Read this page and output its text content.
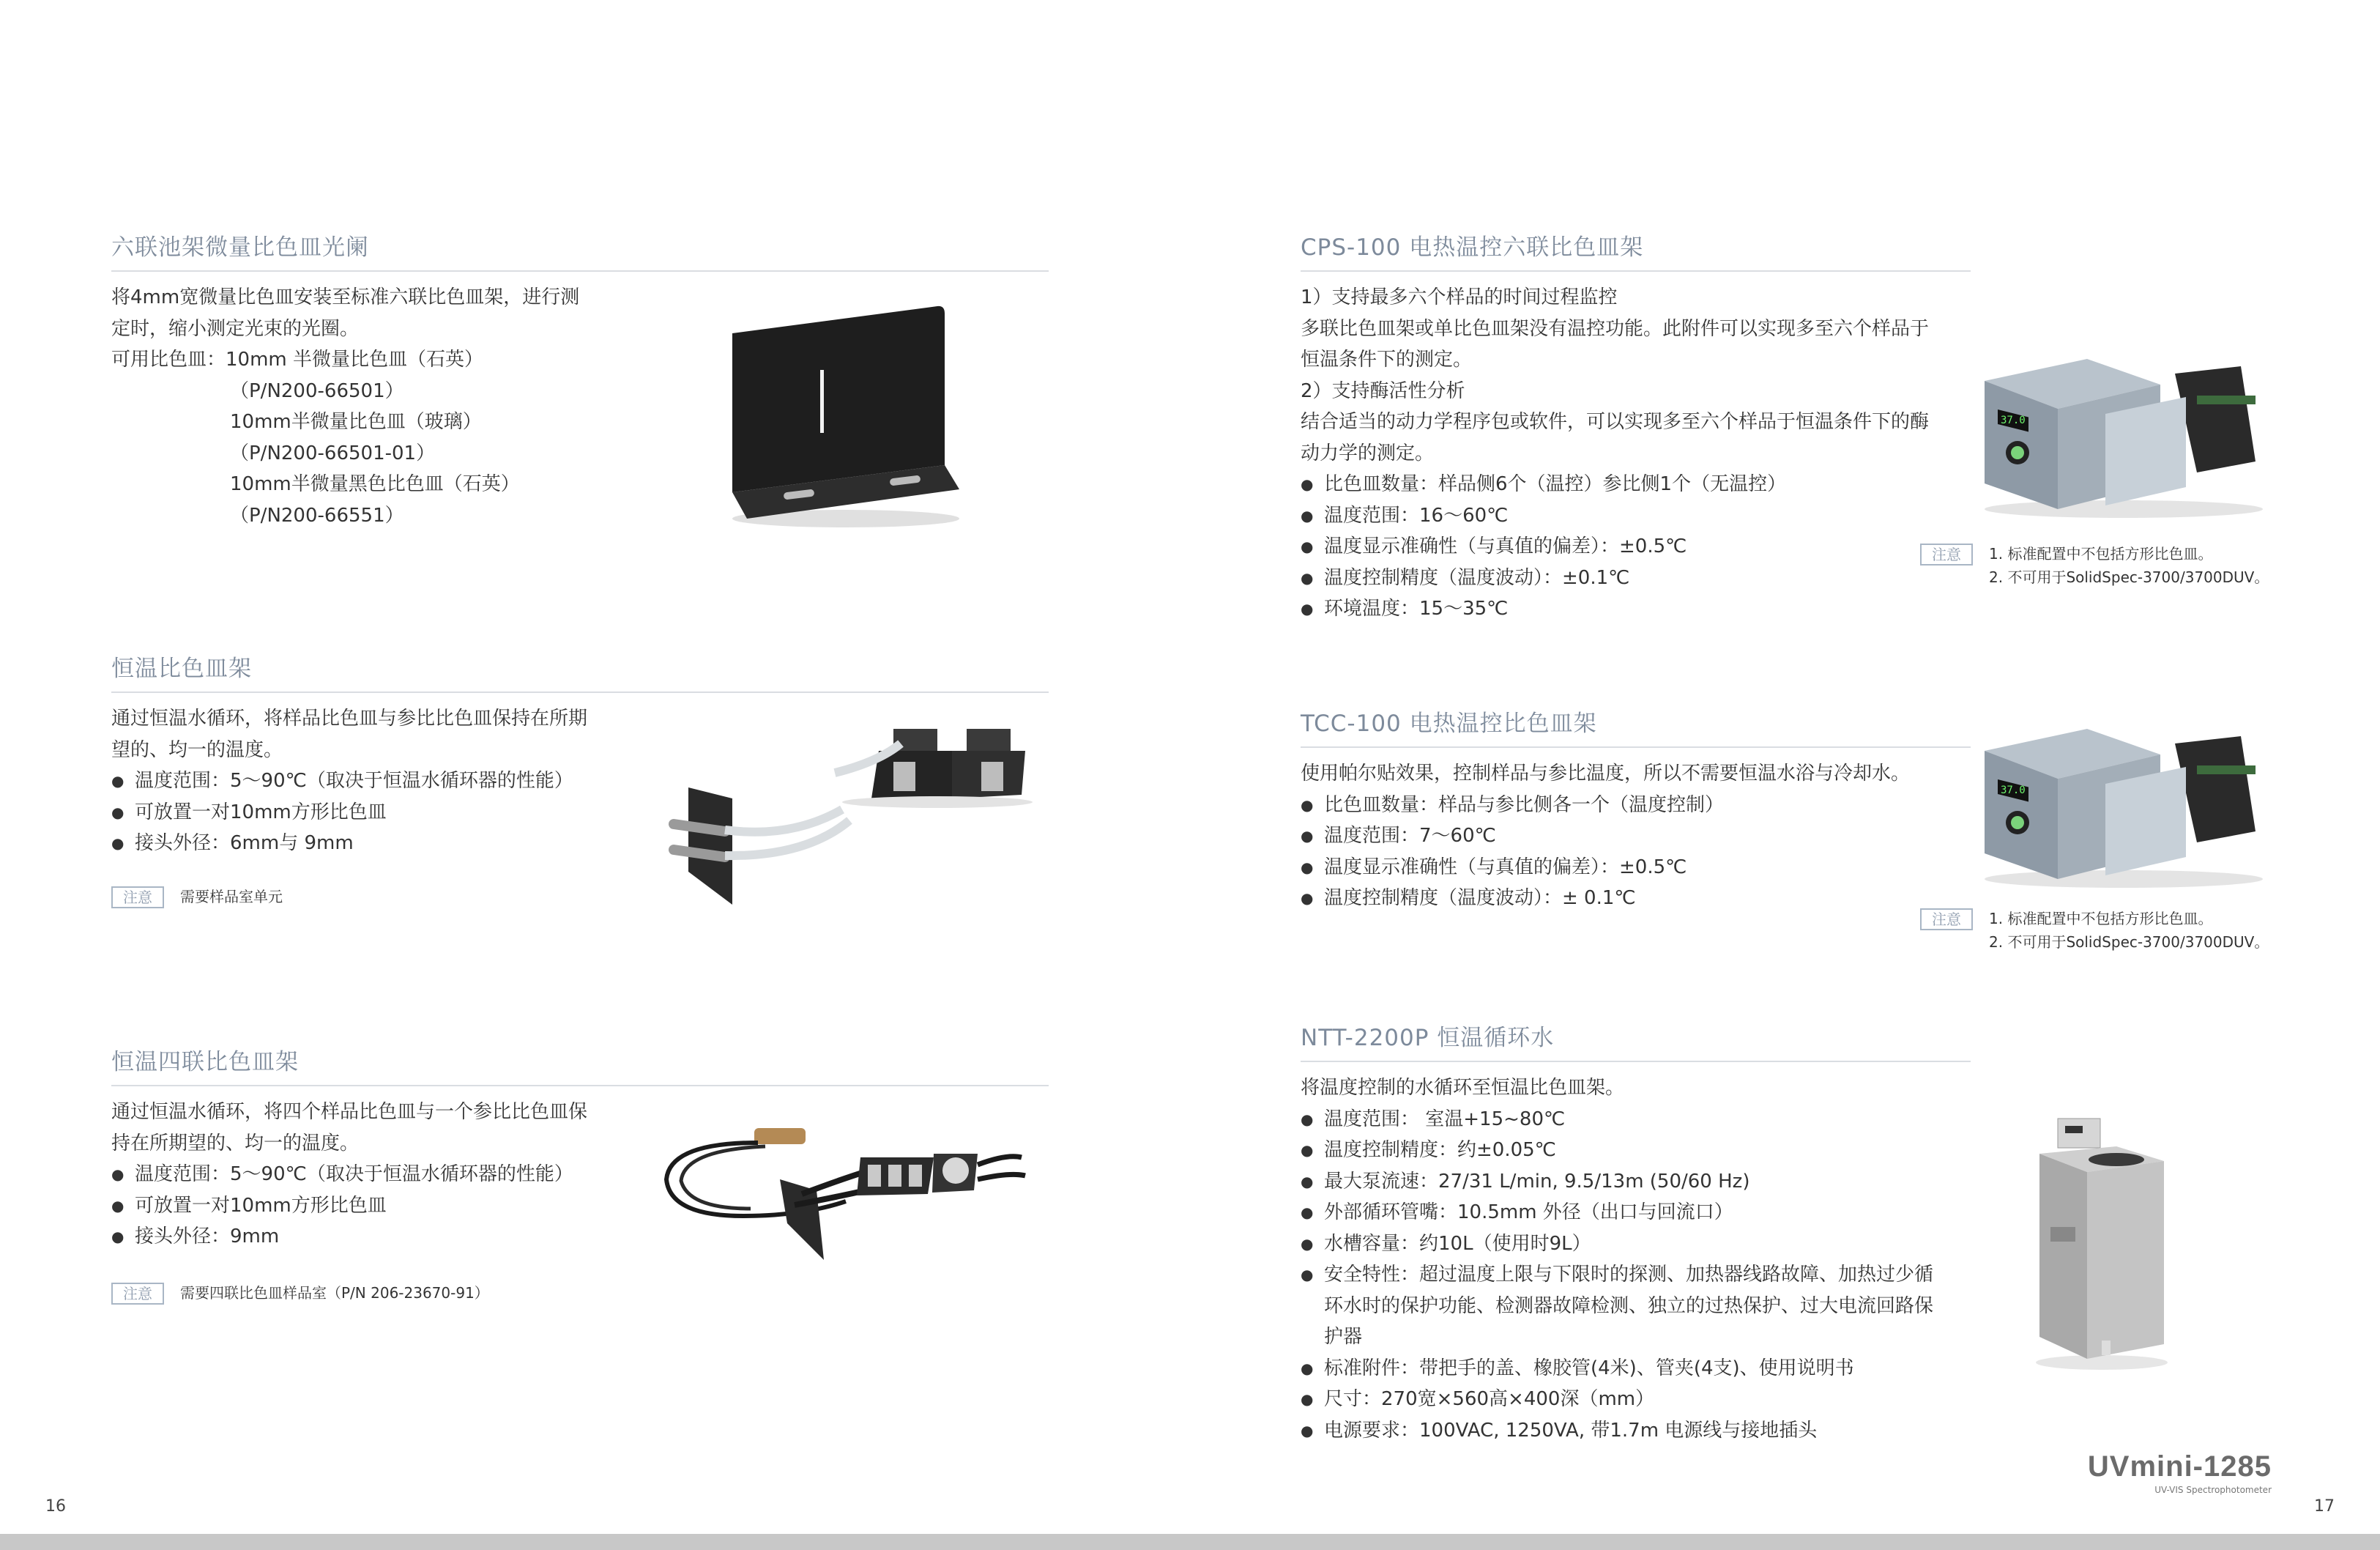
六联池架微量比色皿光阑

将4mm宽微量比色皿安装至标准六联比色皿架，进行测定时，缩小测定光束的光圈。

可用比色皿：10mm 半微量比色皿（石英）

（P/N200-66501）
10mm半微量比色皿（玻璃）
（P/N200-66501-01）
10mm半微量黑色比色皿（石英）
（P/N200-66551）
恒温比色皿架

通过恒温水循环，将样品比色皿与参比比色皿保持在所期望的、均一的温度。

● 温度范围：5～90℃（取决于恒温水循环器的性能）
● 可放置一对10mm方形比色皿
● 接头外径：6mm与 9mm
注意	需要样品室单元
恒温四联比色皿架

通过恒温水循环，将四个样品比色皿与一个参比比色皿保持在所期望的、均一的温度。

● 温度范围：5～90℃（取决于恒温水循环器的性能）
● 可放置一对10mm方形比色皿
● 接头外径：9mm
注意	需要四联比色皿样品室（P/N 206-23670-91）
CPS-100 电热温控六联比色皿架

1）支持最多六个样品的时间过程监控

多联比色皿架或单比色皿架没有温控功能。此附件可以实现多至六个样品于恒温条件下的测定。

2）支持酶活性分析

结合适当的动力学程序包或软件，可以实现多至六个样品于恒温条件下的酶动力学的测定。

● 比色皿数量：样品侧6个（温控）参比侧1个（无温控）
● 温度范围：16～60℃
● 温度显示准确性（与真值的偏差）：±0.5℃
● 温度控制精度（温度波动）：±0.1℃
● 环境温度：15～35℃
37.0
注意	1. 标准配置中不包括方形比色皿。
2. 不可用于SolidSpec-3700/3700DUV。
TCC-100 电热温控比色皿架

使用帕尔贴效果，控制样品与参比温度，所以不需要恒温水浴与冷却水。

● 比色皿数量：样品与参比侧各一个（温度控制）
● 温度范围：7～60℃
● 温度显示准确性（与真值的偏差）：±0.5℃
● 温度控制精度（温度波动）：± 0.1℃
37.0
注意	1. 标准配置中不包括方形比色皿。
2. 不可用于SolidSpec-3700/3700DUV。
NTT-2200P 恒温循环水

将温度控制的水循环至恒温比色皿架。

● 温度范围： 室温+15~80℃
● 温度控制精度：约±0.05℃
● 最大泵流速：27/31 L/min, 9.5/13m (50/60 Hz)
● 外部循环管嘴：10.5mm 外径（出口与回流口）
● 水槽容量：约10L（使用时9L）
● 安全特性：超过温度上限与下限时的探测、加热器线路故障、加热过少循环水时的保护功能、检测器故障检测、独立的过热保护、过大电流回路保护器
● 标准附件：带把手的盖、橡胶管(4米)、管夹(4支)、使用说明书
● 尺寸：270宽×560高×400深（mm）
● 电源要求：100VAC, 1250VA, 带1.7m 电源线与接地插头
16	17
UVmini-1285
UV-VIS Spectrophotometer
